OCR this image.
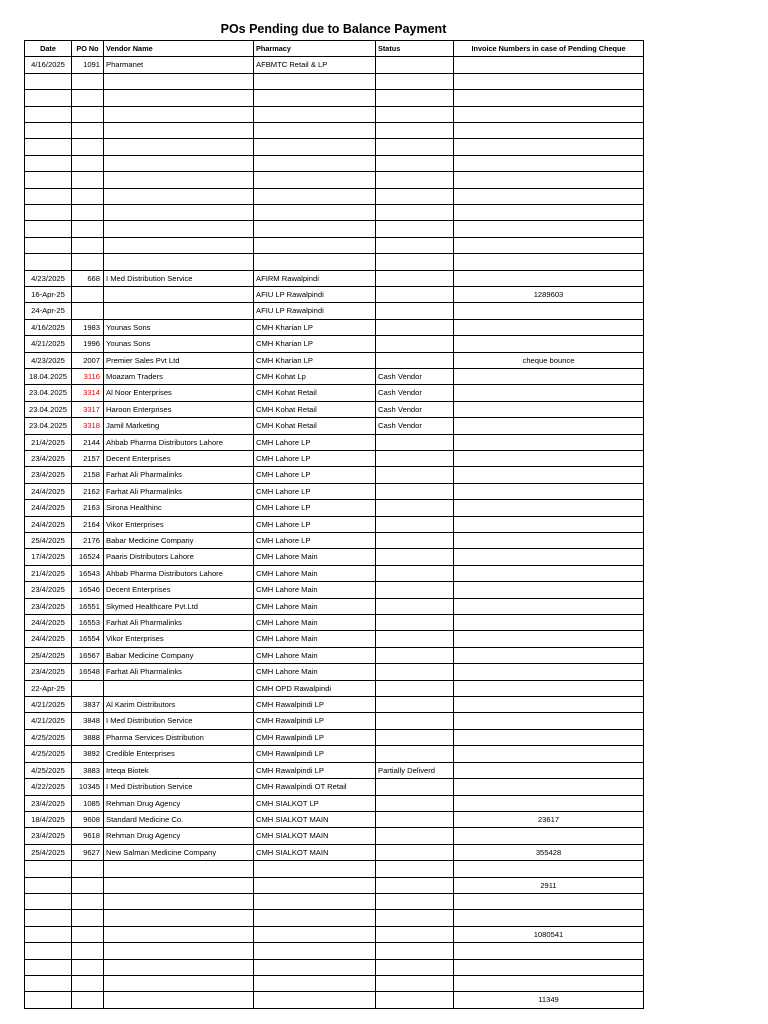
POs Pending due to Balance Payment
Date	PO No	Vendor Name	Pharmacy	Status	Invoice Numbers in case of Pending Cheque
4/16/2025	1091	Pharmanet	AFBMTC Retail & LP		

4/23/2025	668	I Med Distribution Service	AFIRM Rawalpindi		
16-Apr-25			AFIU LP Rawalpindi		1289603
24-Apr-25			AFIU LP Rawalpindi		
4/16/2025	1983	Younas Sons	CMH Kharian LP		
4/21/2025	1996	Younas Sons	CMH Kharian LP		
4/23/2025	2007	Premier Sales Pvt Ltd	CMH Kharian LP		cheque bounce
18.04.2025	3116	Moazam Traders	CMH Kohat Lp	Cash Vendor	
23.04.2025	3314	Al Noor Enterprises	CMH Kohat Retail	Cash Vendor	
23.04.2025	3317	Haroon Enterprises	CMH Kohat Retail	Cash Vendor	
23.04.2025	3318	Jamil Marketing	CMH Kohat Retail	Cash Vendor	
21/4/2025	2144	Ahbab Pharma Distributors Lahore	CMH Lahore LP		
23/4/2025	2157	Decent Enterprises	CMH Lahore LP		
23/4/2025	2158	Farhat Ali Pharmalinks	CMH Lahore LP		
24/4/2025	2162	Farhat Ali Pharmalinks	CMH Lahore LP		
24/4/2025	2163	Sirona Healthinc	CMH Lahore LP		
24/4/2025	2164	Vikor Enterprises	CMH Lahore LP		
25/4/2025	2176	Babar Medicine Company	CMH Lahore LP		
17/4/2025	16524	Paaris Distributors Lahore	CMH Lahore Main		
21/4/2025	16543	Ahbab Pharma Distributors Lahore	CMH Lahore Main		
23/4/2025	16546	Decent Enterprises	CMH Lahore Main		
23/4/2025	16551	Skymed Healthcare Pvt.Ltd	CMH Lahore Main		
24/4/2025	16553	Farhat Ali Pharmalinks	CMH Lahore Main		
24/4/2025	16554	Vikor Enterprises	CMH Lahore Main		
25/4/2025	16567	Babar Medicine Company	CMH Lahore Main		
23/4/2025	16548	Farhat Ali Pharmalinks	CMH Lahore Main		
22-Apr-25			CMH OPD Rawalpindi		
4/21/2025	3837	Al Karim Distributors	CMH Rawalpindi LP		
4/21/2025	3848	I Med Distribution Service	CMH Rawalpindi LP		
4/25/2025	3888	Pharma Services Distribution	CMH Rawalpindi LP		
4/25/2025	3892	Credible Enterprises	CMH Rawalpindi LP		
4/25/2025	3883	Irteqa Biotek	CMH Rawalpindi LP	Partially Deliverd	
4/22/2025	10345	I Med Distribution Service	CMH Rawalpindi OT Retail		
23/4/2025	1085	Rehman Drug Agency	CMH SIALKOT LP		
18/4/2025	9608	Standard Medicine Co.	CMH SIALKOT MAIN		23617
23/4/2025	9618	Rehman Drug Agency	CMH SIALKOT MAIN		
25/4/2025	9627	New Salman Medicine Company	CMH SIALKOT MAIN		355428

					2911

					1080541

					11349
